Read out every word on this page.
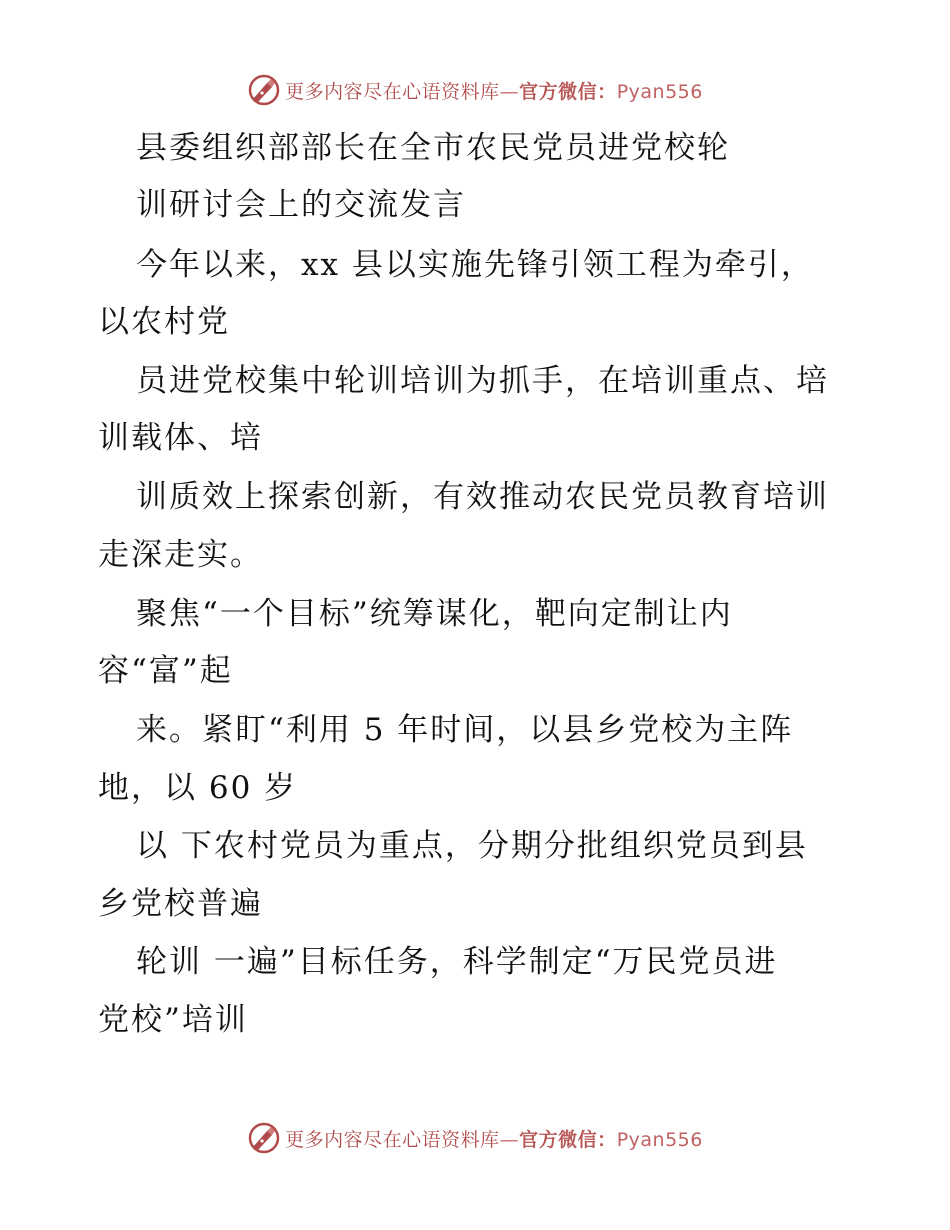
更多内容尽在心语资料库—官方微信：Pyan556
县委组织部部长在全市农民党员进党校轮
训研讨会上的交流发言
今年以来，xx 县以实施先锋引领工程为牵引，
以农村党
员进党校集中轮训培训为抓手，在培训重点、培
训载体、培
训质效上探索创新，有效推动农民党员教育培训
走深走实。
聚焦“一个目标”统筹谋化，靶向定制让内
容“富”起
来。紧盯“利用 5 年时间，以县乡党校为主阵
地，以 60 岁
以 下农村党员为重点，分期分批组织党员到县
乡党校普遍
轮训 一遍”目标任务，科学制定“万民党员进
党校”培训
更多内容尽在心语资料库—官方微信：Pyan556
